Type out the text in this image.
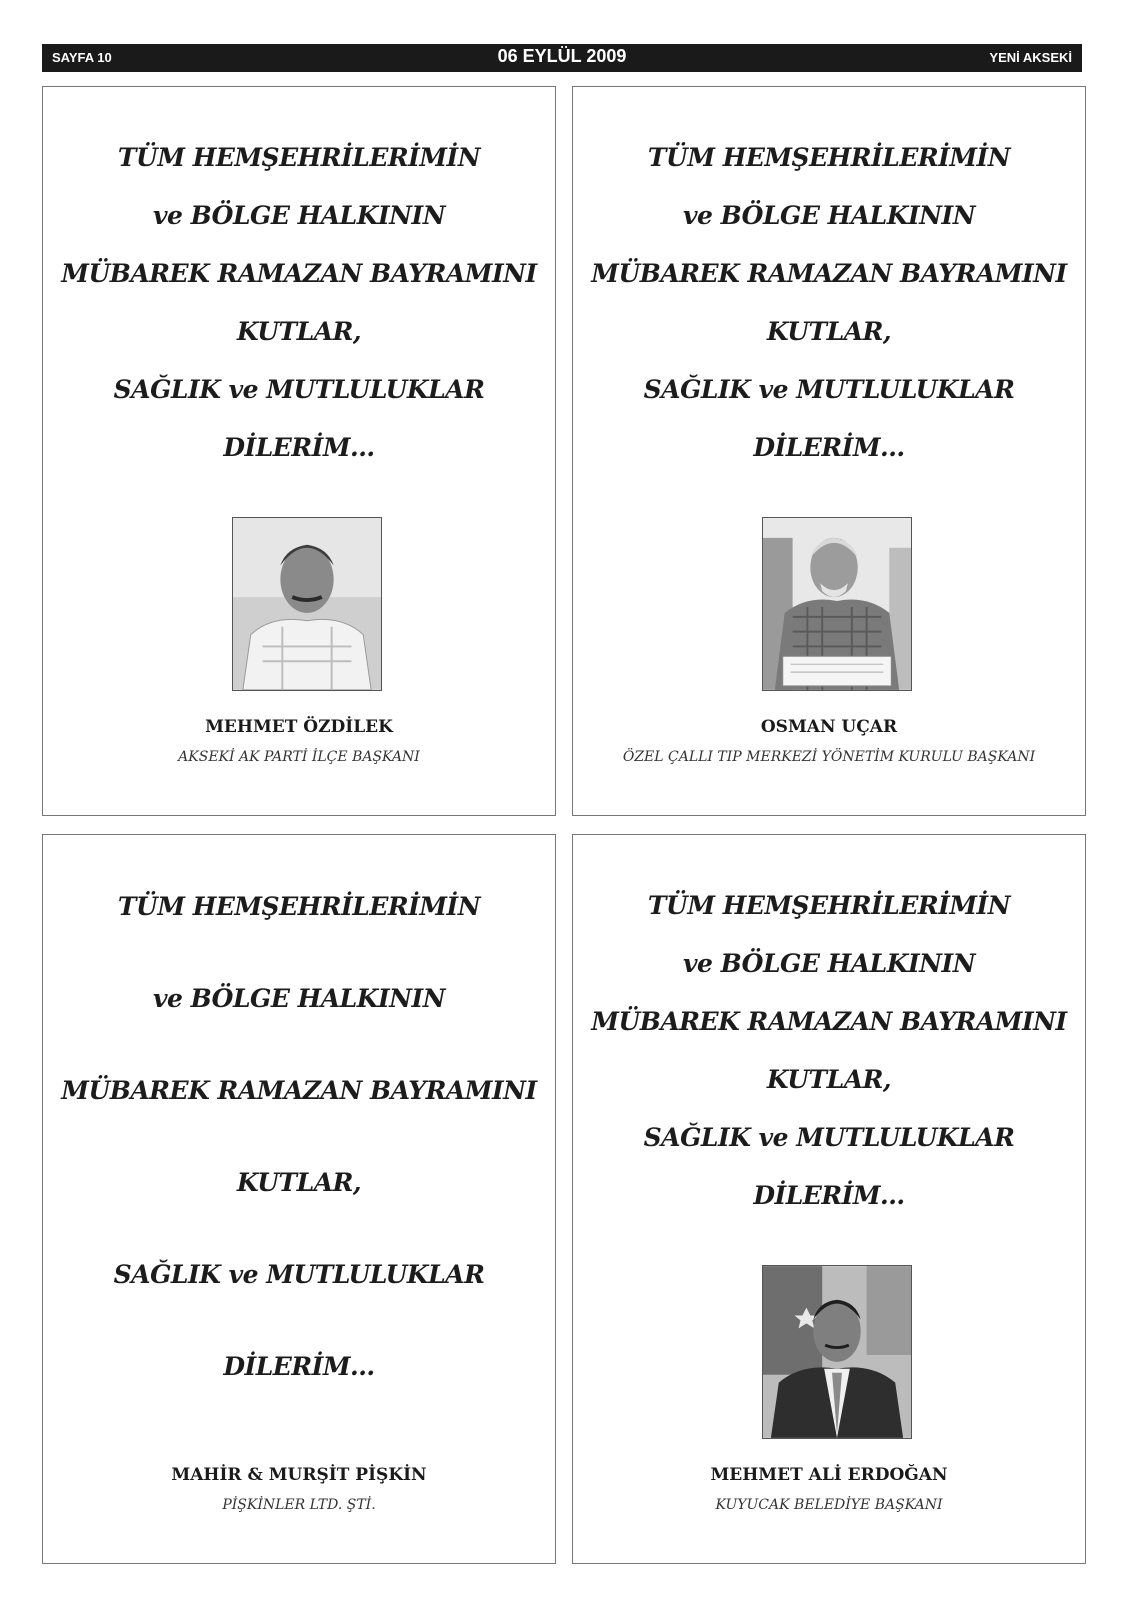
SAYFA 10	06 EYLÜL 2009	YENİ AKSEKİ
TÜM HEMŞEHRİLERİMİN
ve BÖLGE HALKININ
MÜBAREK RAMAZAN BAYRAMINI
KUTLAR,
SAĞLIK ve MUTLULUKLAR
DİLERİM...
MEHMET ÖZDİLEK
AKSEKİ AK PARTİ İLÇE BAŞKANI
TÜM HEMŞEHRİLERİMİN
ve BÖLGE HALKININ
MÜBAREK RAMAZAN BAYRAMINI
KUTLAR,
SAĞLIK ve MUTLULUKLAR
DİLERİM...
OSMAN UÇAR
ÖZEL ÇALLI TIP MERKEZİ YÖNETİM KURULU BAŞKANI
TÜM HEMŞEHRİLERİMİN
ve BÖLGE HALKININ
MÜBAREK RAMAZAN BAYRAMINI
KUTLAR,
SAĞLIK ve MUTLULUKLAR
DİLERİM...
MAHİR & MURŞİT PİŞKİN
PİŞKİNLER LTD. ŞTİ.
TÜM HEMŞEHRİLERİMİN
ve BÖLGE HALKININ
MÜBAREK RAMAZAN BAYRAMINI
KUTLAR,
SAĞLIK ve MUTLULUKLAR
DİLERİM...
MEHMET ALİ ERDOĞAN
KUYUCAK BELEDİYE BAŞKANI
